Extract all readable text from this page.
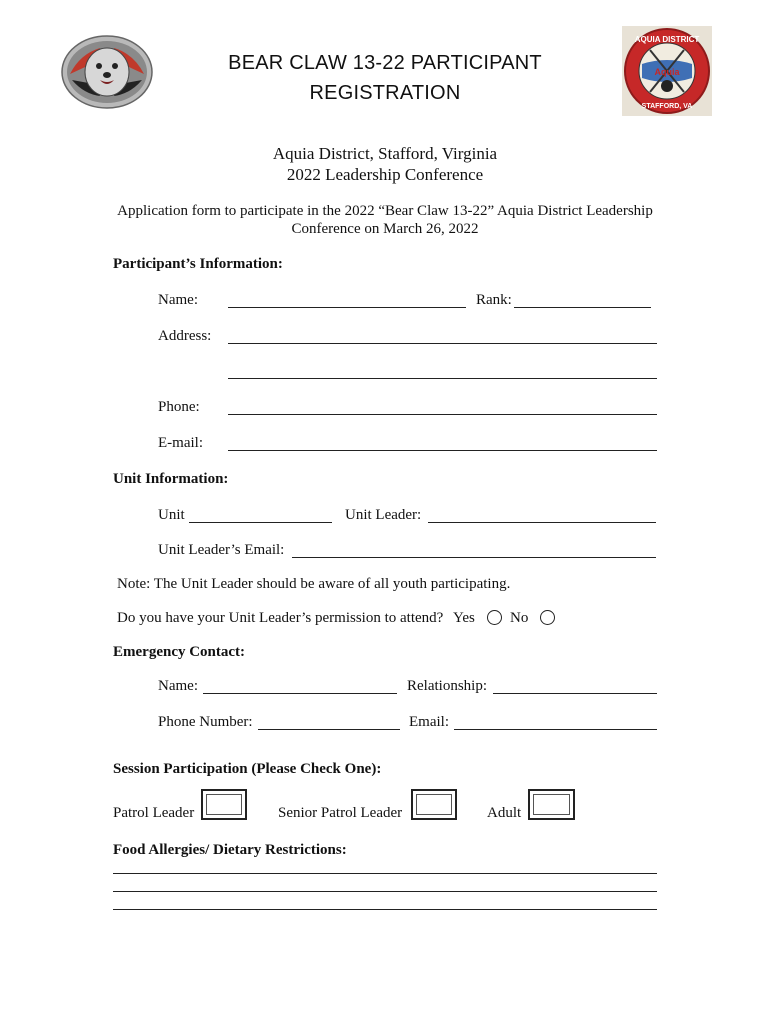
AQUIA DISTRICT
Aquia
STAFFORD, VA
BEAR CLAW 13-22 PARTICIPANT
REGISTRATION
Aquia District, Stafford, Virginia
2022 Leadership Conference
Application form to participate in the 2022 “Bear Claw 13-22” Aquia District Leadership
Conference on March 26, 2022
Participant’s Information:
Name:	Rank:
Address:
Phone:
E-mail:
Unit Information:
Unit	Unit Leader:
Unit Leader’s Email:
Note: The Unit Leader should be aware of all youth participating.
Do you have your Unit Leader’s permission to attend? Yes No
Emergency Contact:
Name:	Relationship:
Phone Number:	Email:
Session Participation (Please Check One):
Patrol Leader	Senior Patrol Leader	Adult
Food Allergies/ Dietary Restrictions:
